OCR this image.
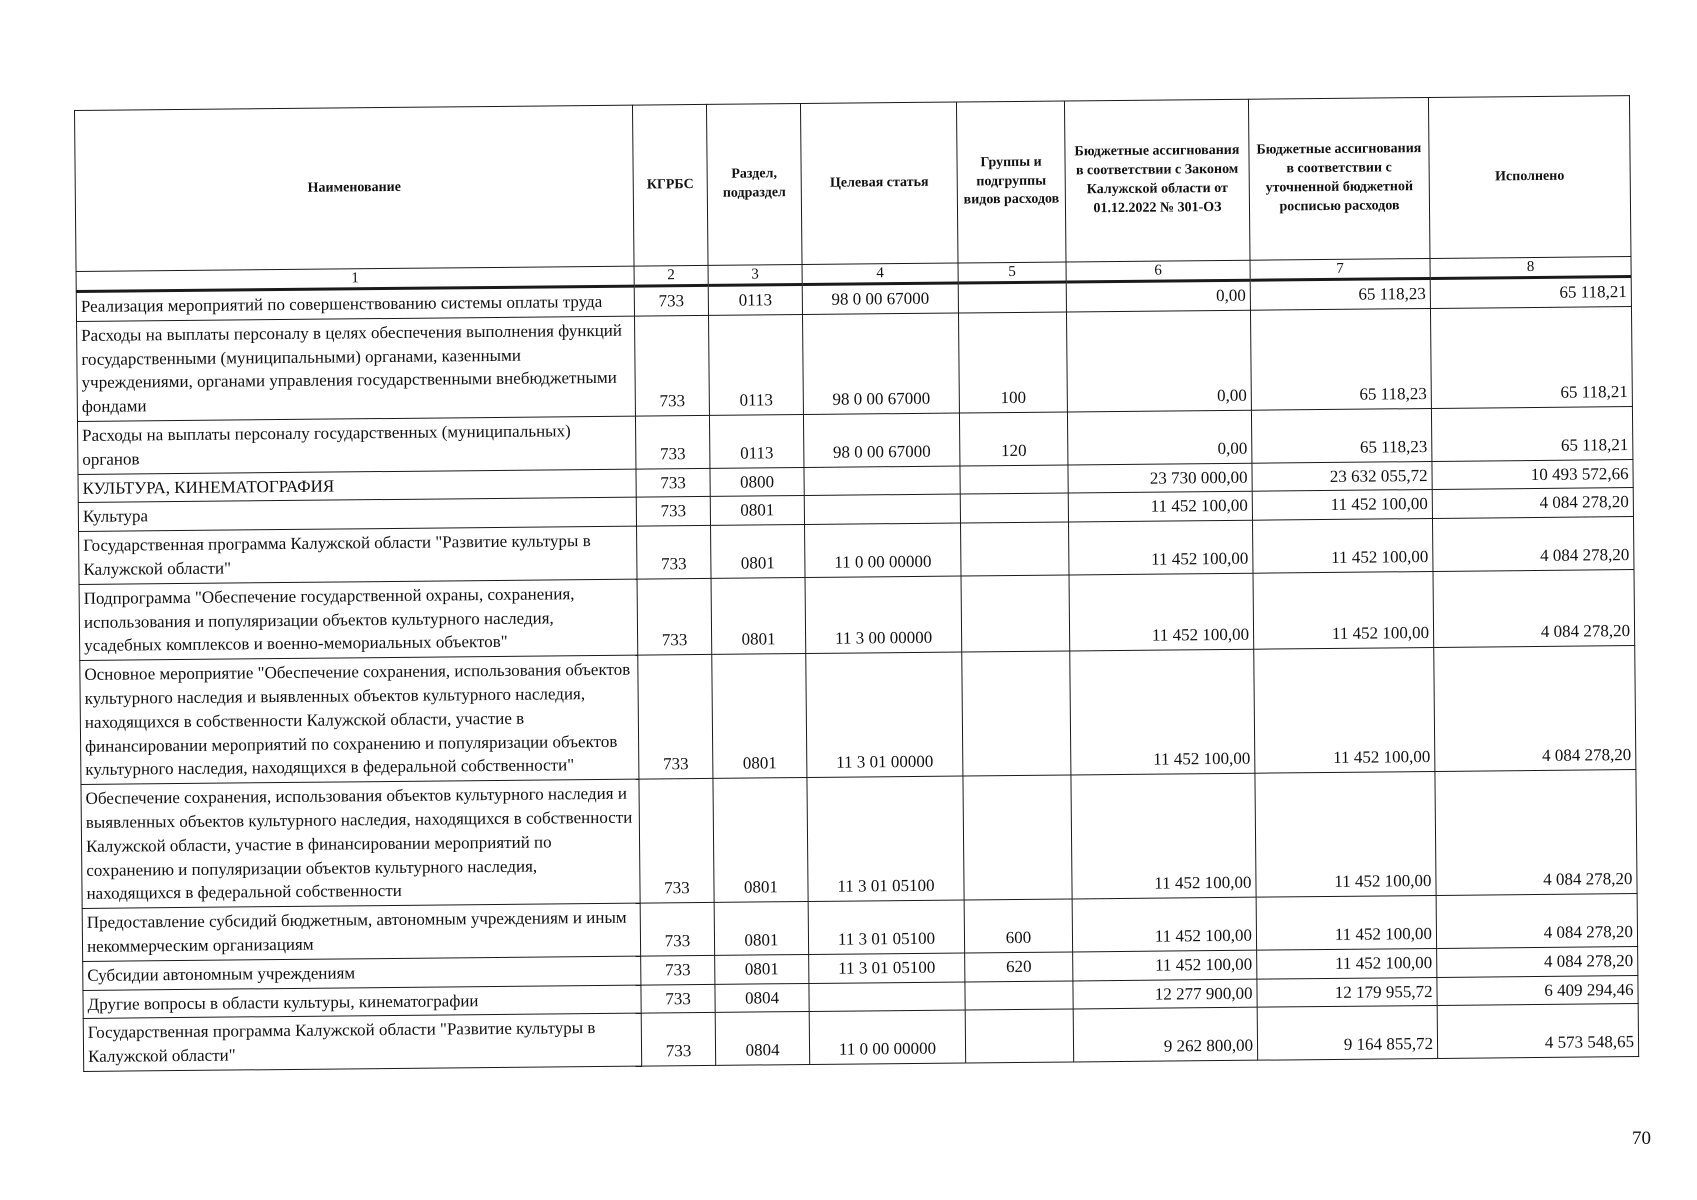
Наименование	КГРБС	Раздел, подраздел	Целевая статья	Группы и подгруппы видов расходов	Бюджетные ассигнования в соответствии с Законом Калужской области от 01.12.2022 № 301-ОЗ	Бюджетные ассигнования в соответствии с уточненной бюджетной росписью расходов	Исполнено
1	2	3	4	5	6	7	8
Реализация мероприятий по совершенствованию системы оплаты труда	733	0113	98 0 00 67000		0,00	65 118,23	65 118,21
Расходы на выплаты персоналу в целях обеспечения выполнения функций государственными (муниципальными) органами, казенными учреждениями, органами управления государственными внебюджетными фондами	733	0113	98 0 00 67000	100	0,00	65 118,23	65 118,21
Расходы на выплаты персоналу государственных (муниципальных) органов	733	0113	98 0 00 67000	120	0,00	65 118,23	65 118,21
КУЛЬТУРА, КИНЕМАТОГРАФИЯ	733	0800			23 730 000,00	23 632 055,72	10 493 572,66
Культура	733	0801			11 452 100,00	11 452 100,00	4 084 278,20
Государственная программа Калужской области "Развитие культуры в Калужской области"	733	0801	11 0 00 00000		11 452 100,00	11 452 100,00	4 084 278,20
Подпрограмма "Обеспечение государственной охраны, сохранения, использования и популяризации объектов культурного наследия, усадебных комплексов и военно-мемориальных объектов"	733	0801	11 3 00 00000		11 452 100,00	11 452 100,00	4 084 278,20
Основное мероприятие "Обеспечение сохранения, использования объектов культурного наследия и выявленных объектов культурного наследия, находящихся в собственности Калужской области, участие в финансировании мероприятий по сохранению и популяризации объектов культурного наследия, находящихся в федеральной собственности"	733	0801	11 3 01 00000		11 452 100,00	11 452 100,00	4 084 278,20
Обеспечение сохранения, использования объектов культурного наследия и выявленных объектов культурного наследия, находящихся в собственности Калужской области, участие в финансировании мероприятий по сохранению и популяризации объектов культурного наследия, находящихся в федеральной собственности	733	0801	11 3 01 05100		11 452 100,00	11 452 100,00	4 084 278,20
Предоставление субсидий бюджетным, автономным учреждениям и иным некоммерческим организациям	733	0801	11 3 01 05100	600	11 452 100,00	11 452 100,00	4 084 278,20
Субсидии автономным учреждениям	733	0801	11 3 01 05100	620	11 452 100,00	11 452 100,00	4 084 278,20
Другие вопросы в области культуры, кинематографии	733	0804			12 277 900,00	12 179 955,72	6 409 294,46
Государственная программа Калужской области "Развитие культуры в Калужской области"	733	0804	11 0 00 00000		9 262 800,00	9 164 855,72	4 573 548,65
70
